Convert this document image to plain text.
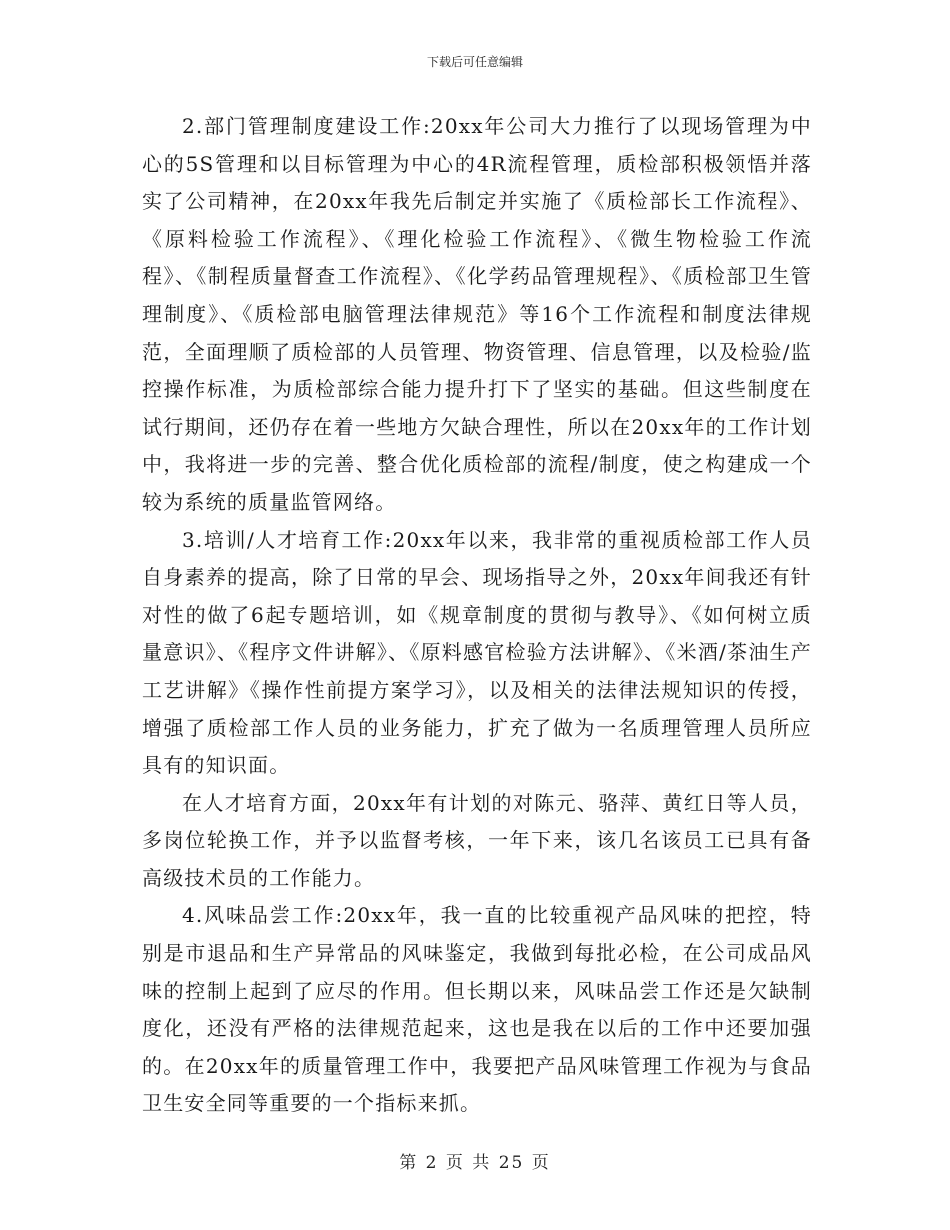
下载后可任意编辑

2.部门管理制度建设工作:20xx年公司大力推行了以现场管理为中心的5S管理和以目标管理为中心的4R流程管理，质检部积极领悟并落实了公司精神，在20xx年我先后制定并实施了《质检部长工作流程》、《原料检验工作流程》、《理化检验工作流程》、《微生物检验工作流程》、《制程质量督查工作流程》、《化学药品管理规程》、《质检部卫生管理制度》、《质检部电脑管理法律规范》等16个工作流程和制度法律规范，全面理顺了质检部的人员管理、物资管理、信息管理，以及检验/监控操作标准，为质检部综合能力提升打下了坚实的基础。但这些制度在试行期间，还仍存在着一些地方欠缺合理性，所以在20xx年的工作计划中，我将进一步的完善、整合优化质检部的流程/制度，使之构建成一个较为系统的质量监管网络。

3.培训/人才培育工作:20xx年以来，我非常的重视质检部工作人员自身素养的提高，除了日常的早会、现场指导之外，20xx年间我还有针对性的做了6起专题培训，如《规章制度的贯彻与教导》、《如何树立质量意识》、《程序文件讲解》、《原料感官检验方法讲解》、《米酒/茶油生产工艺讲解》《操作性前提方案学习》，以及相关的法律法规知识的传授，增强了质检部工作人员的业务能力，扩充了做为一名质理管理人员所应具有的知识面。

在人才培育方面，20xx年有计划的对陈元、骆萍、黄红日等人员，多岗位轮换工作，并予以监督考核，一年下来，该几名该员工已具有备高级技术员的工作能力。

4.风味品尝工作:20xx年，我一直的比较重视产品风味的把控，特别是市退品和生产异常品的风味鉴定，我做到每批必检，在公司成品风味的控制上起到了应尽的作用。但长期以来，风味品尝工作还是欠缺制度化，还没有严格的法律规范起来，这也是我在以后的工作中还要加强的。在20xx年的质量管理工作中，我要把产品风味管理工作视为与食品卫生安全同等重要的一个指标来抓。

第 2 页 共 25 页
